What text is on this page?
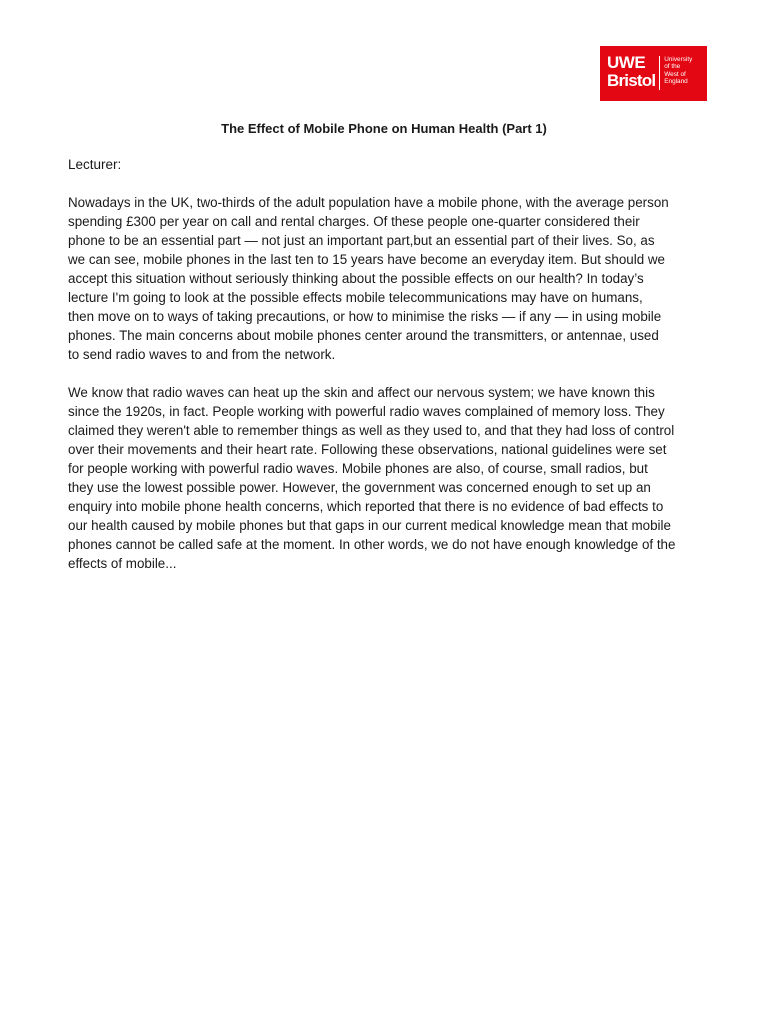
UWE
Bristol
University
of the
West of
England
The Effect of Mobile Phone on Human Health (Part 1)

Lecturer:

Nowadays in the UK, two-thirds of the adult population have a mobile phone, with the average person
spending £300 per year on call and rental charges. Of these people one-quarter considered their
phone to be an essential part — not just an important part,but an essential part of their lives. So, as
we can see, mobile phones in the last ten to 15 years have become an everyday item. But should we
accept this situation without seriously thinking about the possible effects on our health? In today’s
lecture I'm going to look at the possible effects mobile telecommunications may have on humans,
then move on to ways of taking precautions, or how to minimise the risks — if any — in using mobile
phones. The main concerns about mobile phones center around the transmitters, or antennae, used
to send radio waves to and from the network.

We know that radio waves can heat up the skin and affect our nervous system; we have known this
since the 1920s, in fact. People working with powerful radio waves complained of memory loss. They
claimed they weren't able to remember things as well as they used to, and that they had loss of control
over their movements and their heart rate. Following these observations, national guidelines were set
for people working with powerful radio waves. Mobile phones are also, of course, small radios, but
they use the lowest possible power. However, the government was concerned enough to set up an
enquiry into mobile phone health concerns, which reported that there is no evidence of bad effects to
our health caused by mobile phones but that gaps in our current medical knowledge mean that mobile
phones cannot be called safe at the moment. In other words, we do not have enough knowledge of the
effects of mobile...
